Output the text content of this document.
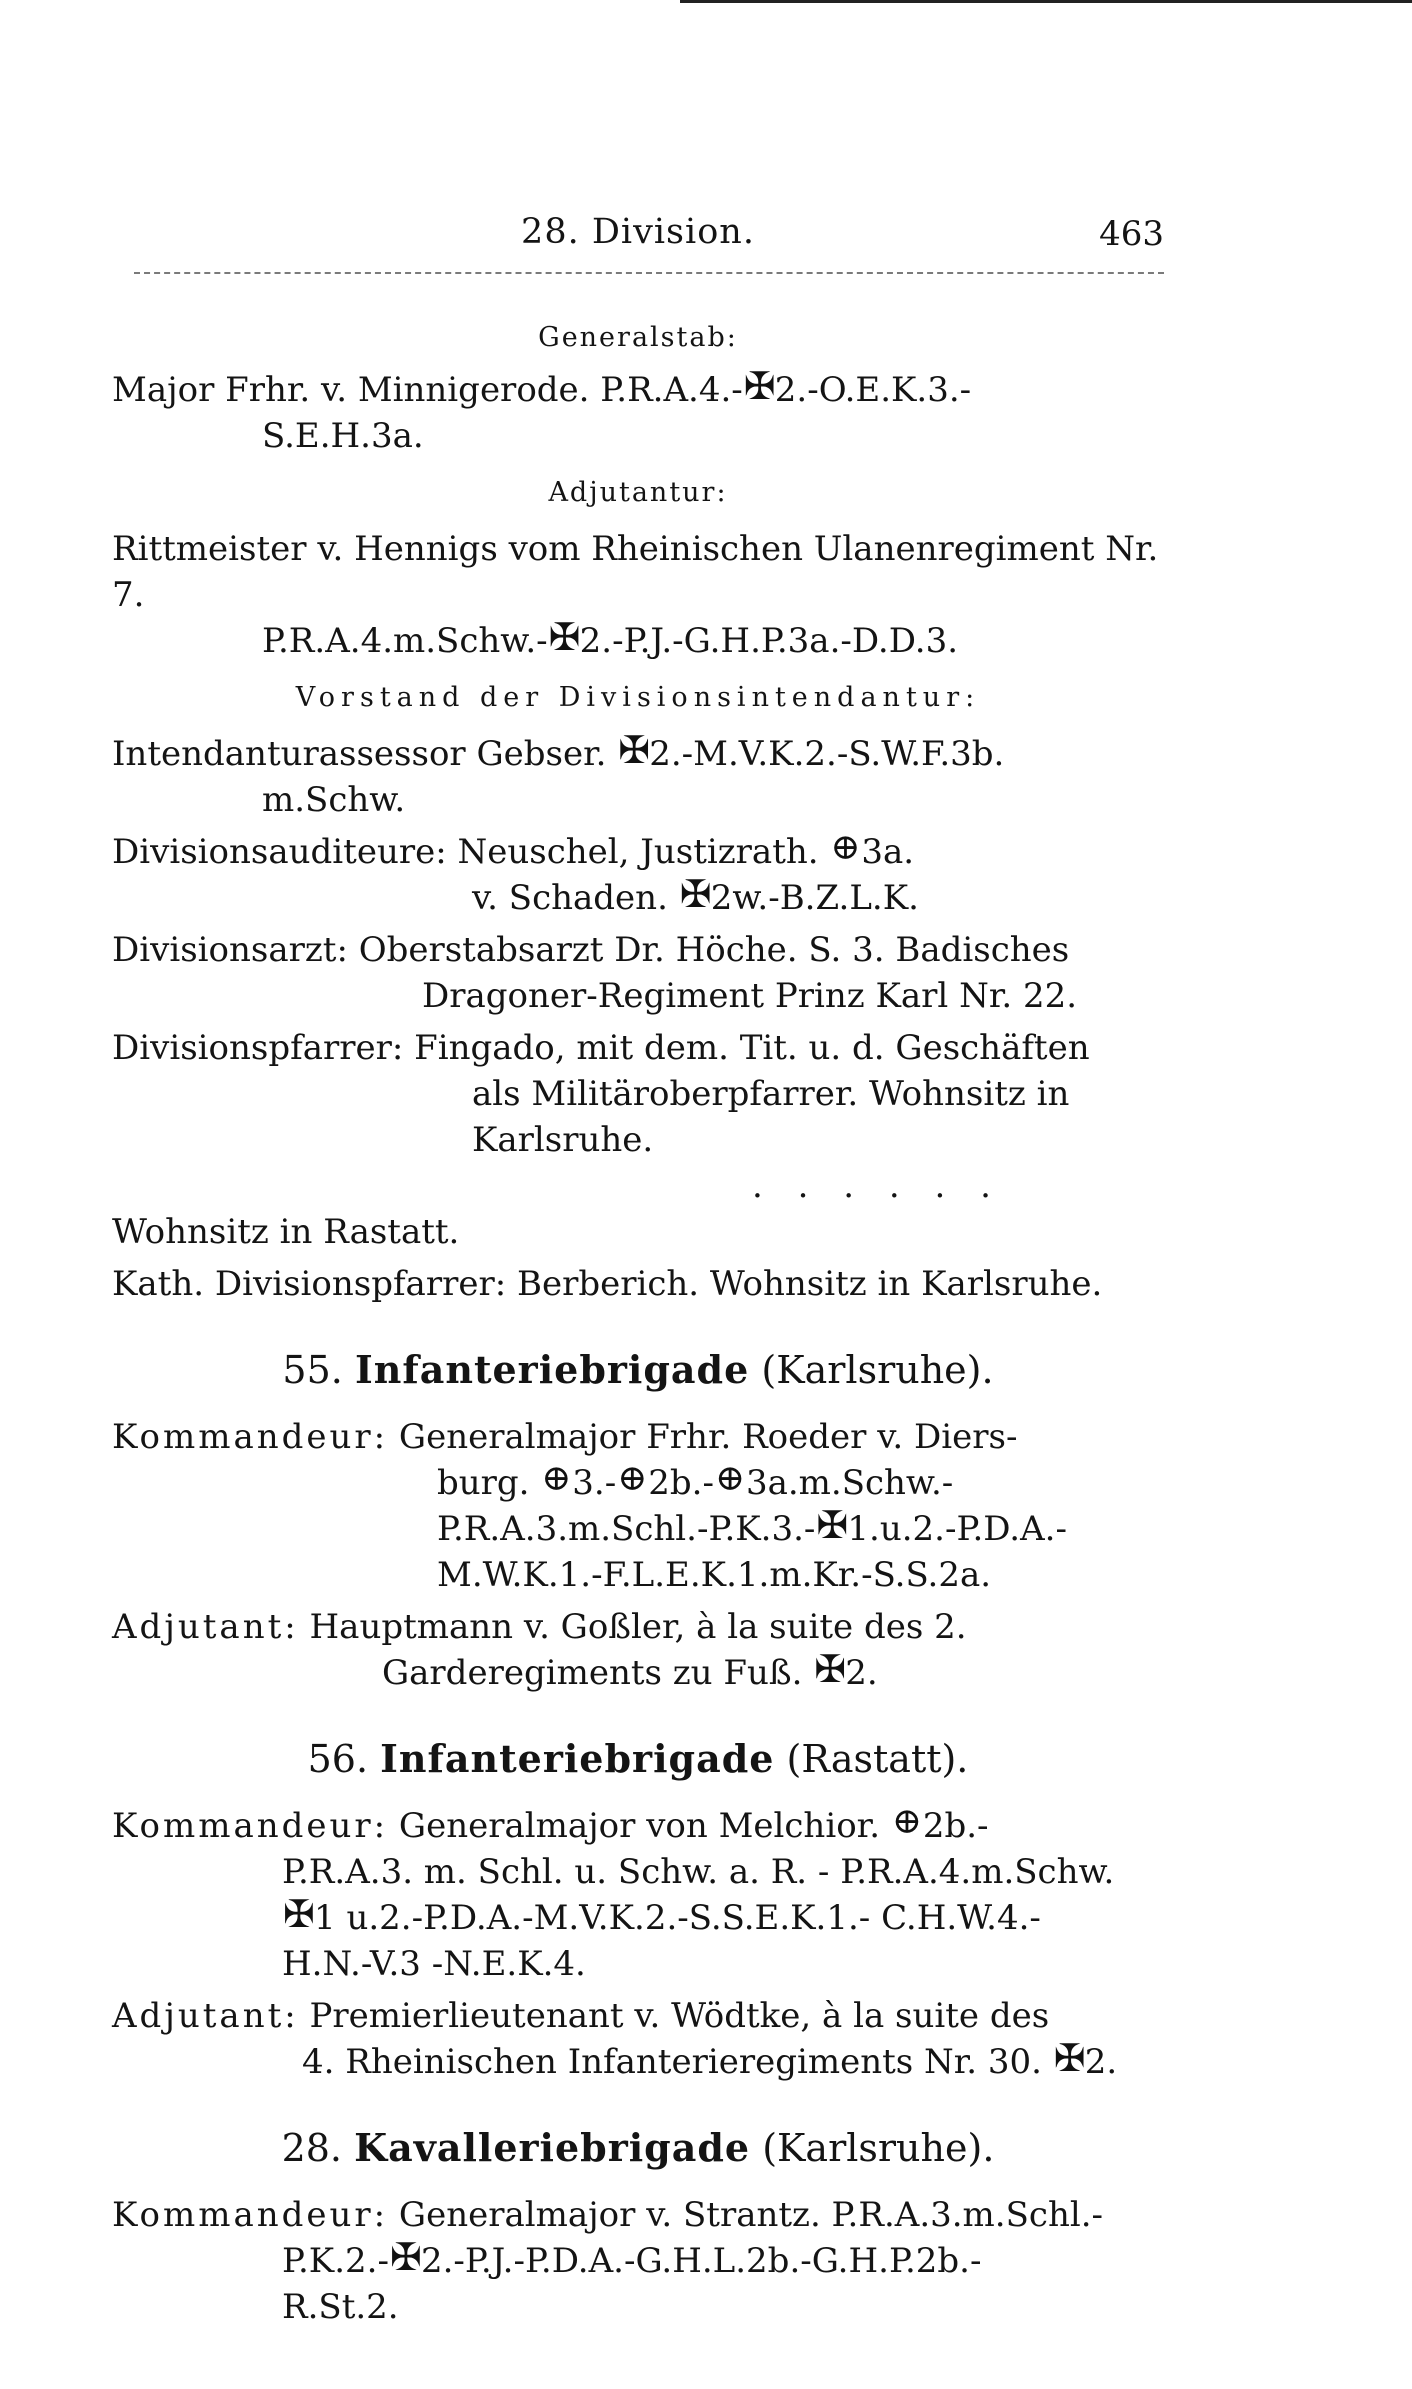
28. Division.	463
Generalstab:
Major Frhr. v. Minnigerode. P.R.A.4.- ✠ 2.-O.E.K.3.-
S.E.H.3a.
Adjutantur:
Rittmeister v. Hennigs vom Rheinischen Ulanenregiment Nr. 7.
P.R.A.4.m.Schw.- ✠ 2.-P.J.-G.H.P.3a.-D.D.3.
Vorstand der Divisionsintendantur:
Intendanturassessor Gebser. ✠2.-M.V.K.2.-S.W.F.3b.
m.Schw.
Divisionsauditeure: Neuschel, Justizrath. ⊕3a.
v. Schaden. ✠2w.-B.Z.L.K.
Divisionsarzt: Oberstabsarzt Dr. Höche. S. 3. Badisches
Dragoner-Regiment Prinz Karl Nr. 22.
Divisionspfarrer: Fingado, mit dem. Tit. u. d. Geschäften
als Militäroberpfarrer. Wohnsitz in
Karlsruhe.
. . . . . . Wohnsitz in Rastatt.
Kath. Divisionspfarrer: Berberich. Wohnsitz in Karlsruhe.
55. Infanteriebrigade (Karlsruhe).
Kommandeur: Generalmajor Frhr. Roeder v. Diers-
burg. ⊕3.- ⊕ 2b.- ⊕ 3a.m.Schw.-
P.R.A.3.m.Schl.-P.K.3.- ✠ 1.u.2.-P.D.A.-
M.W.K.1.-F.L.E.K.1.m.Kr.-S.S.2a.
Adjutant: Hauptmann v. Goßler, à la suite des 2.
Garderegiments zu Fuß. ✠2.
56. Infanteriebrigade (Rastatt).
Kommandeur: Generalmajor von Melchior. ⊕2b.-
P.R.A.3. m. Schl. u. Schw. a. R. - P.R.A.4.m.Schw.
✠1 u.2.-P.D.A.-M.V.K.2.-S.S.E.K.1.- C.H.W.4.-
H.N.-V.3 -N.E.K.4.
Adjutant: Premierlieutenant v. Wödtke, à la suite des
4. Rheinischen Infanterieregiments Nr. 30. ✠2.
28. Kavalleriebrigade (Karlsruhe).
Kommandeur: Generalmajor v. Strantz. P.R.A.3.m.Schl.-
P.K.2.- ✠ 2.-P.J.-P.D.A.-G.H.L.2b.-G.H.P.2b.-
R.St.2.
